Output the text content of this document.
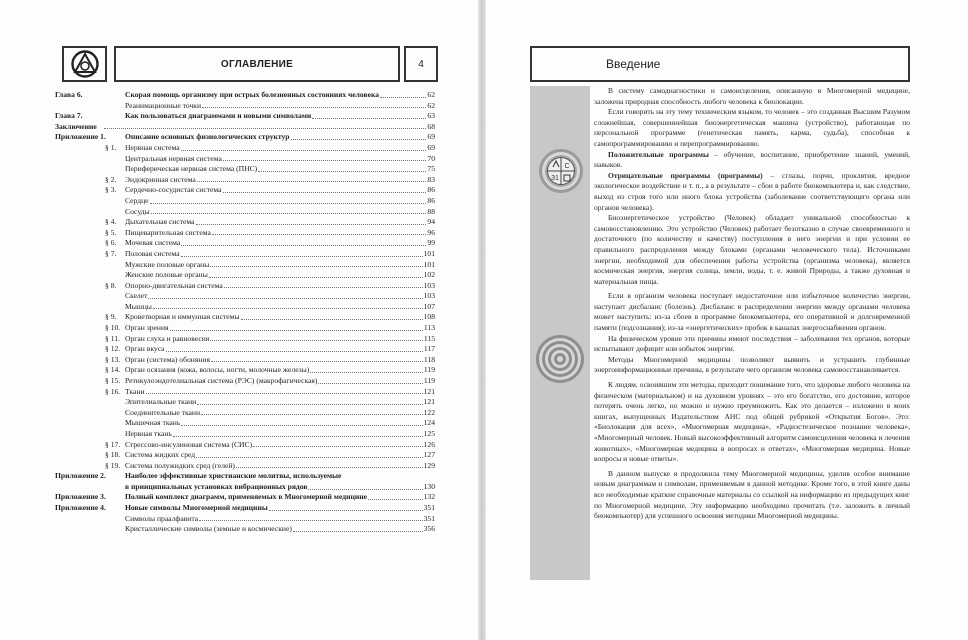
ОГЛАВЛЕНИЕ	4
Глава 6.	Скорая помощь организму при острых болезненных состояниях человека	62
Реанимационные точки	62
Глава 7.	Как пользоваться диаграммами и новыми символами	63
Заключение	68
Приложение 1.	Описание основных физиологических структур	69
§ 1. Нервная система	69
Центральная нервная система	70
Периферическая нервная система (ПНС)	75
§ 2. Эндокринная система	83
§ 3. Сердечно-сосудистая система	86
Сердце	86
Сосуды	88
§ 4. Дыхательная система	94
§ 5. Пищеварительная система	96
§ 6. Мочевая система	99
§ 7. Половая система	101
Мужские половые органы	101
Женские половые органы	102
§ 8. Опорно-двигательная система	103
Скелет	103
Мышцы	107
§ 9. Кроветворная и иммунная системы	108
§ 10. Орган зрения	113
§ 11. Орган слуха и равновесия	115
§ 12. Орган вкуса	117
§ 13. Орган (система) обоняния	118
§ 14. Орган осязания (кожа, волосы, ногти, молочные железы)	119
§ 15. Ретикулоэндотелиальная система (РЭС) (макрофагическая)	119
§ 16. Ткани	121
Эпителиальные ткани	121
Соединительные ткани	122
Мышечная ткань	124
Нервная ткань	125
§ 17. Стрессово-инсулиновая система (СИС)	126
§ 18. Система жидких сред	127
§ 19. Система полужидких сред (гелей)	129
Приложение 2.	Наиболее эффективные христианские молитвы, используемые
в принципиальных установках вибрационных рядов	130
Приложение 3.	Полный комплект диаграмм, применяемых в Многомерной медицине	132
Приложение 4.	Новые символы Многомерной медицины	351
Символы праалфавита	351
Кристаллические символы (земные и космические)	356
Введение
С
31

В систему самодиагностики и самоисцеления, описанную в Многомерной медицине, заложена природная способность любого человека к биолокации.

Если говорить на эту тему техническим языком, то человек – это созданная Высшим Разумом сложнейшая, совершеннейшая биоэнергетическая машина (устройство), работающая по персональной программе (генетическая память, карма, судьба), способная к самопрограммированию и перепрограммированию.

Положительные программы – обучение, воспитание, приобретение знаний, умений, навыков.

Отрицательные программы (программы) – сглазы, порчи, проклятия, вредное экологическое воздействие и т. п., а в результате – сбои в работе биокомпьютера и, как следствие, выход из строя того или иного блока устройства (заболевание соответствующего органа или органов человека).

Биоэнергетическое устройство (Человек) обладает уникальной способностью к самовосстановлению. Это устройство (Человек) работает безотказно в случае своевременного и достаточного (по количеству и качеству) поступления в него энергии и при условии ее правильного распределения между блоками (органами человеческого тела). Источниками энергии, необходимой для обеспечения работы устройства (организма человека), является космическая энергия, энергия солнца, земли, воды, т. е. живой Природы, а также духовная и материальная пища.

Если в организм человека поступает недостаточное или избыточное количество энергии, наступает дисбаланс (болезнь). Дисбаланс в распределении энергии между органами человека может наступить: из-за сбоев в программе биокомпьютера, его оперативной и долговременной памяти (подсознания); из-за «энергетических» пробок в каналах энергоснабжения органов.

На физическом уровне эти причины имеют последствия – заболевания тех органов, которые испытывают дефицит или избыток энергии.

Методы Многомерной медицины позволяют выявить и устранить глубинные энергоинформационные причины, в результате чего организм человека самовосстанавливается.

К людям, освоившим эти методы, приходит понимание того, что здоровье любого человека на физическом (материальном) и на духовном уровнях – это его богатство, его достояние, которое потерять очень легко, но можно и нужно преумножить. Как это делается – изложено в моих книгах, выпущенных Издательством АНС под общей рубрикой «Открытия Богов». Это: «Биолокация для всех», «Многомерная медицина», «Радиэстезическое познание человека», «Многомерный человек. Новый высокоэффективный алгоритм самоисцеления человека и лечения животных», «Многомерная медицина в вопросах и ответах», «Многомерная медицина. Новые вопросы и новые ответы».

В данном выпуске я продолжила тему Многомерной медицины, уделив особое внимание новым диаграммам и символам, применяемым в данной методике. Кроме того, в этой книге даны все необходимые краткие справочные материалы со ссылкой на информацию из предыдущих книг по Многомерной медицине. Эту информацию необходимо прочитать (т.е. заложить в личный биокомпьютер) для успешного освоения методики Многомерной медицины.
